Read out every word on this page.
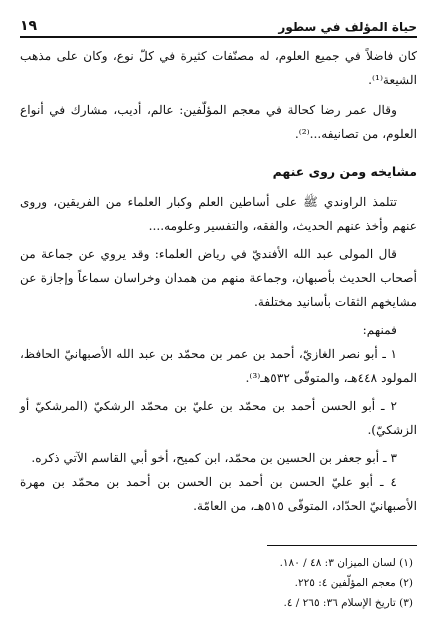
حياة المؤلف في سطور
١٩

كان فاضلاً في جميع العلوم، له مصنّفات كثيرة في كلّ نوع، وكان على مذهب الشيعة⁽¹⁾.

وقال عمر رضا كحالة في معجم المؤلّفين: عالم، أديب، مشارك في أنواع العلوم، من تصانيفه...⁽²⁾.

مشايخه ومن روى عنهم

تتلمذ الراوندي ﷺ على أساطين العلم وكبار العلماء من الفريقين، وروى عنهم وأخذ عنهم الحديث، والفقه، والتفسير وعلومه....

قال المولى عبد الله الأفنديّ في رياض العلماء: وقد يروي عن جماعة من أصحاب الحديث بأصبهان، وجماعة منهم من همدان وخراسان سماعاً وإجازة عن مشايخهم الثقات بأسانيد مختلفة.

فمنهم:

١ ـ أبو نصر الغازيّ، أحمد بن عمر بن محمّد بن عبد الله الأصبهانيّ الحافظ، المولود ٤٤٨هـ، والمتوفّى ٥٣٢هـ⁽³⁾.

٢ ـ أبو الحسن أحمد بن محمّد بن عليّ بن محمّد الرشكيّ (المرشكيّ أو الزشكيّ).

٣ ـ أبو جعفر بن الحسين بن محمّد، ابن كميح، أخو أبي القاسم الآتي ذكره.

٤ ـ أبو عليّ الحسن بن أحمد بن الحسن بن أحمد بن محمّد بن مهرة الأصبهانيّ الحدّاد، المتوفّى ٥١٥هـ، من العامّة.

(١) لسان الميزان ٣: ٤٨ / ١٨٠.
(٢) معجم المؤلّفين ٤: ٢٢٥.
(٣) تاريخ الإسلام ٣٦: ٢٦٥ / ٤.
